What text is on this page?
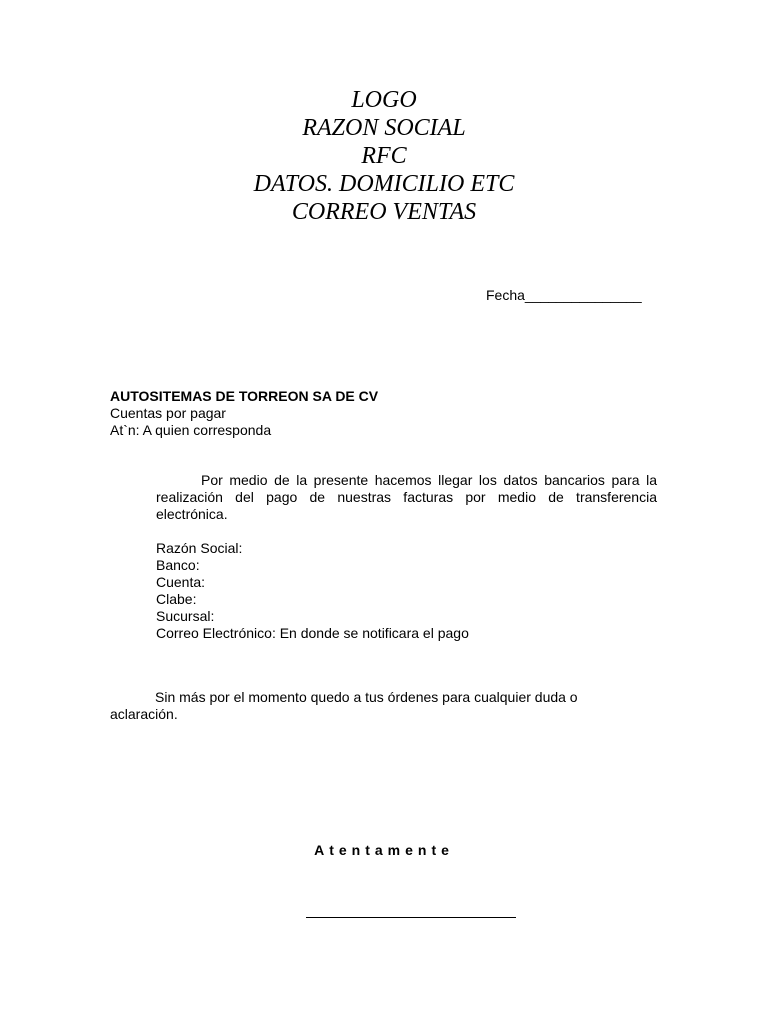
LOGO
RAZON SOCIAL
RFC
DATOS. DOMICILIO ETC
CORREO VENTAS
Fecha_______________
AUTOSITEMAS DE TORREON SA DE CV
Cuentas por pagar
At`n: A quien corresponda
Por medio de la presente hacemos llegar los datos bancarios para la realización del pago de nuestras facturas por medio de transferencia electrónica.
Razón Social:
Banco:
Cuenta:
Clabe:
Sucursal:
Correo Electrónico: En donde se notificara el pago
Sin más por el momento quedo a tus órdenes para cualquier duda o aclaración.
Atentamente
